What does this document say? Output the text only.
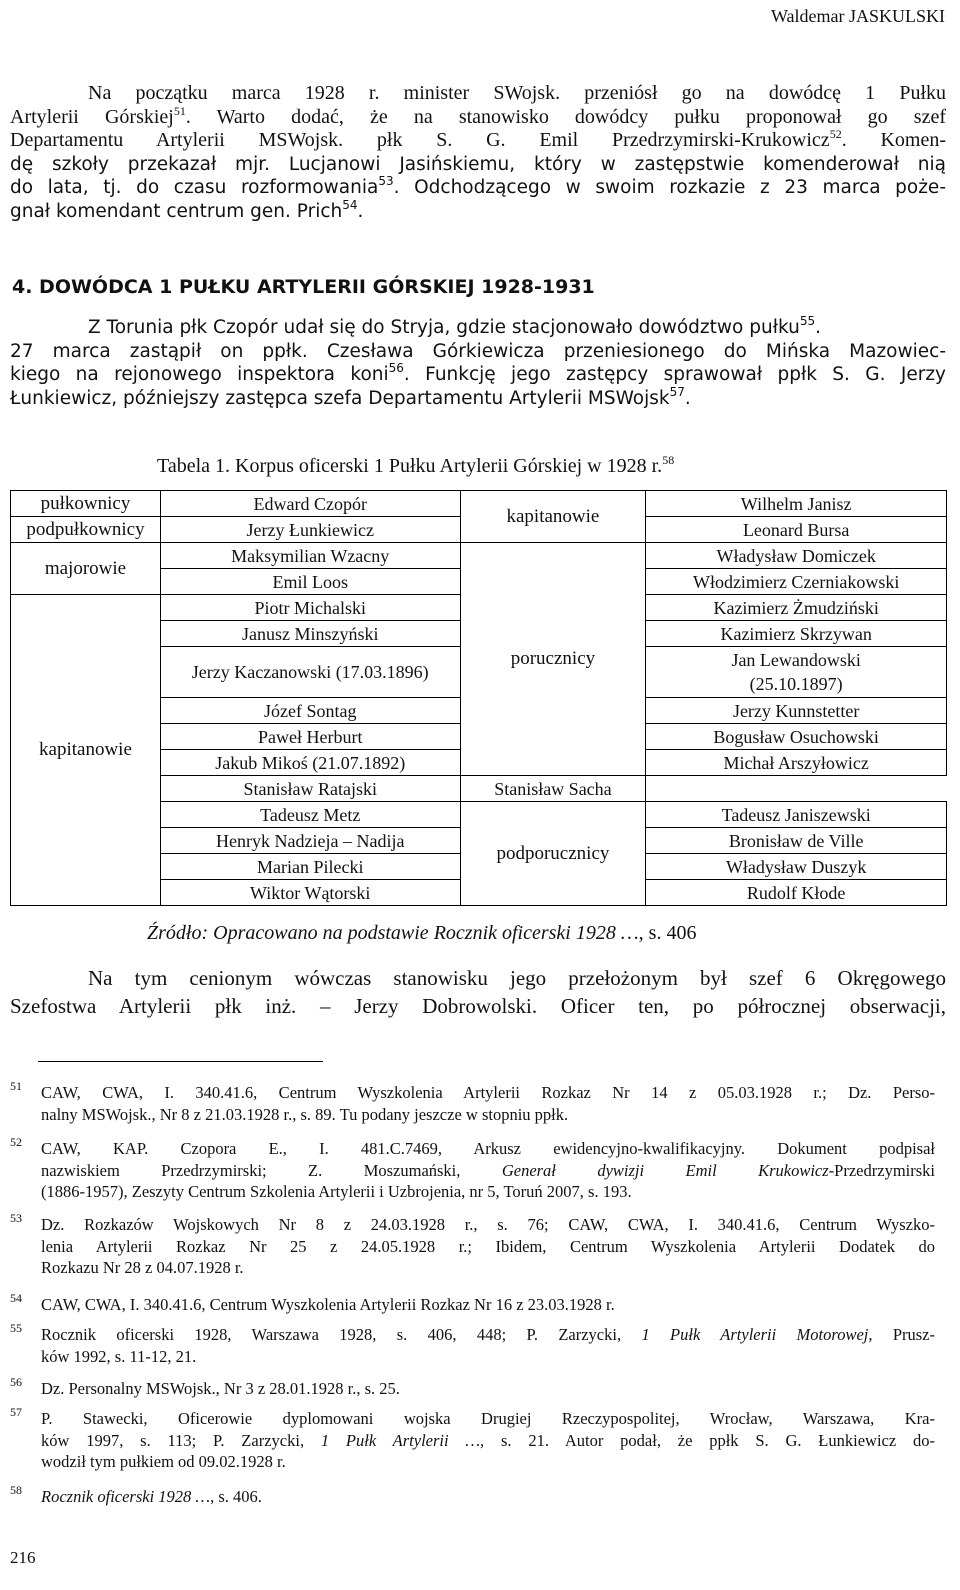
Waldemar JASKULSKI
Na początku marca 1928 r. minister SWojsk. przeniósł go na dowódcę 1 Pułku
Artylerii Górskiej$^{51}$. Warto dodać, że na stanowisko dowódcy pułku proponował go szef
Departamentu Artylerii MSWojsk. płk S. G. Emil Przedrzymirski-Krukowicz$^{52}$. Komen-
dę szkoły przekazał mjr. Lucjanowi Jasińskiemu, który w zastępstwie komenderował nią
do lata, tj. do czasu rozformowania$^{53}$. Odchodzącego w swoim rozkazie z 23 marca poże-
gnał komendant centrum gen. Prich$^{54}$.
4. DOWÓDCA 1 PUŁKU ARTYLERII GÓRSKIEJ 1928-1931
Z Torunia płk Czopór udał się do Stryja, gdzie stacjonowało dowództwo pułku$^{55}$.
27 marca zastąpił on ppłk. Czesława Górkiewicza przeniesionego do Mińska Mazowiec-
kiego na rejonowego inspektora koni$^{56}$. Funkcję jego zastępcy sprawował ppłk S. G. Jerzy
Łunkiewicz, późniejszy zastępca szefa Departamentu Artylerii MSWojsk$^{57}$.
Tabela 1. Korpus oficerski 1 Pułku Artylerii Górskiej w 1928 r.$^{58}$
pułkownicy	Edward Czopór	kapitanowie	Wilhelm Janisz
podpułkownicy	Jerzy Łunkiewicz		Leonard Bursa
majorowie	Maksymilian Wzacny	porucznicy	Władysław Domiczek
	Emil Loos		Włodzimierz Czerniakowski
kapitanowie	Piotr Michalski		Kazimierz Żmudziński
	Janusz Minszyński		Kazimierz Skrzywan
	Jerzy Kaczanowski (17.03.1896)		Jan Lewandowski
(25.10.1897)

	Józef Sontag		Jerzy Kunnstetter
	Paweł Herburt		Bogusław Osuchowski
	Jakub Mikoś (21.07.1892)		Michał Arszyłowicz
	Stanisław Ratajski	Stanisław Sacha	
	Tadeusz Metz	podporucznicy	Tadeusz Janiszewski
	Henryk Nadzieja – Nadija		Bronisław de Ville
	Marian Pilecki		Władysław Duszyk
	Wiktor Wątorski		Rudolf Kłode
Źródło: Opracowano na podstawie Rocznik oficerski 1928 …, s. 406
Na tym cenionym wówczas stanowisku jego przełożonym był szef 6 Okręgowego
Szefostwa Artylerii płk inż. – Jerzy Dobrowolski. Oficer ten, po półrocznej obserwacji,
51 CAW, CWA, I. 340.41.6, Centrum Wyszkolenia Artylerii Rozkaz Nr 14 z 05.03.1928 r.; Dz. Perso-
nalny MSWojsk., Nr 8 z 21.03.1928 r., s. 89. Tu podany jeszcze w stopniu ppłk.
52 CAW, KAP. Czopora E., I. 481.C.7469, Arkusz ewidencyjno-kwalifikacyjny. Dokument podpisał
nazwiskiem Przedrzymirski; Z. Moszumański, Generał dywizji Emil Krukowicz-Przedrzymirski
(1886-1957), Zeszyty Centrum Szkolenia Artylerii i Uzbrojenia, nr 5, Toruń 2007, s. 193.
53 Dz. Rozkazów Wojskowych Nr 8 z 24.03.1928 r., s. 76; CAW, CWA, I. 340.41.6, Centrum Wyszko-
lenia Artylerii Rozkaz Nr 25 z 24.05.1928 r.; Ibidem, Centrum Wyszkolenia Artylerii Dodatek do
Rozkazu Nr 28 z 04.07.1928 r.
54 CAW, CWA, I. 340.41.6, Centrum Wyszkolenia Artylerii Rozkaz Nr 16 z 23.03.1928 r.
55 Rocznik oficerski 1928, Warszawa 1928, s. 406, 448; P. Zarzycki, 1 Pułk Artylerii Motorowej, Prusz-
ków 1992, s. 11-12, 21.
56 Dz. Personalny MSWojsk., Nr 3 z 28.01.1928 r., s. 25.
57 P. Stawecki, Oficerowie dyplomowani wojska Drugiej Rzeczypospolitej, Wrocław, Warszawa, Kra-
ków 1997, s. 113; P. Zarzycki, 1 Pułk Artylerii …, s. 21. Autor podał, że ppłk S. G. Łunkiewicz do-
wodził tym pułkiem od 09.02.1928 r.
58 Rocznik oficerski 1928 …, s. 406.
216
